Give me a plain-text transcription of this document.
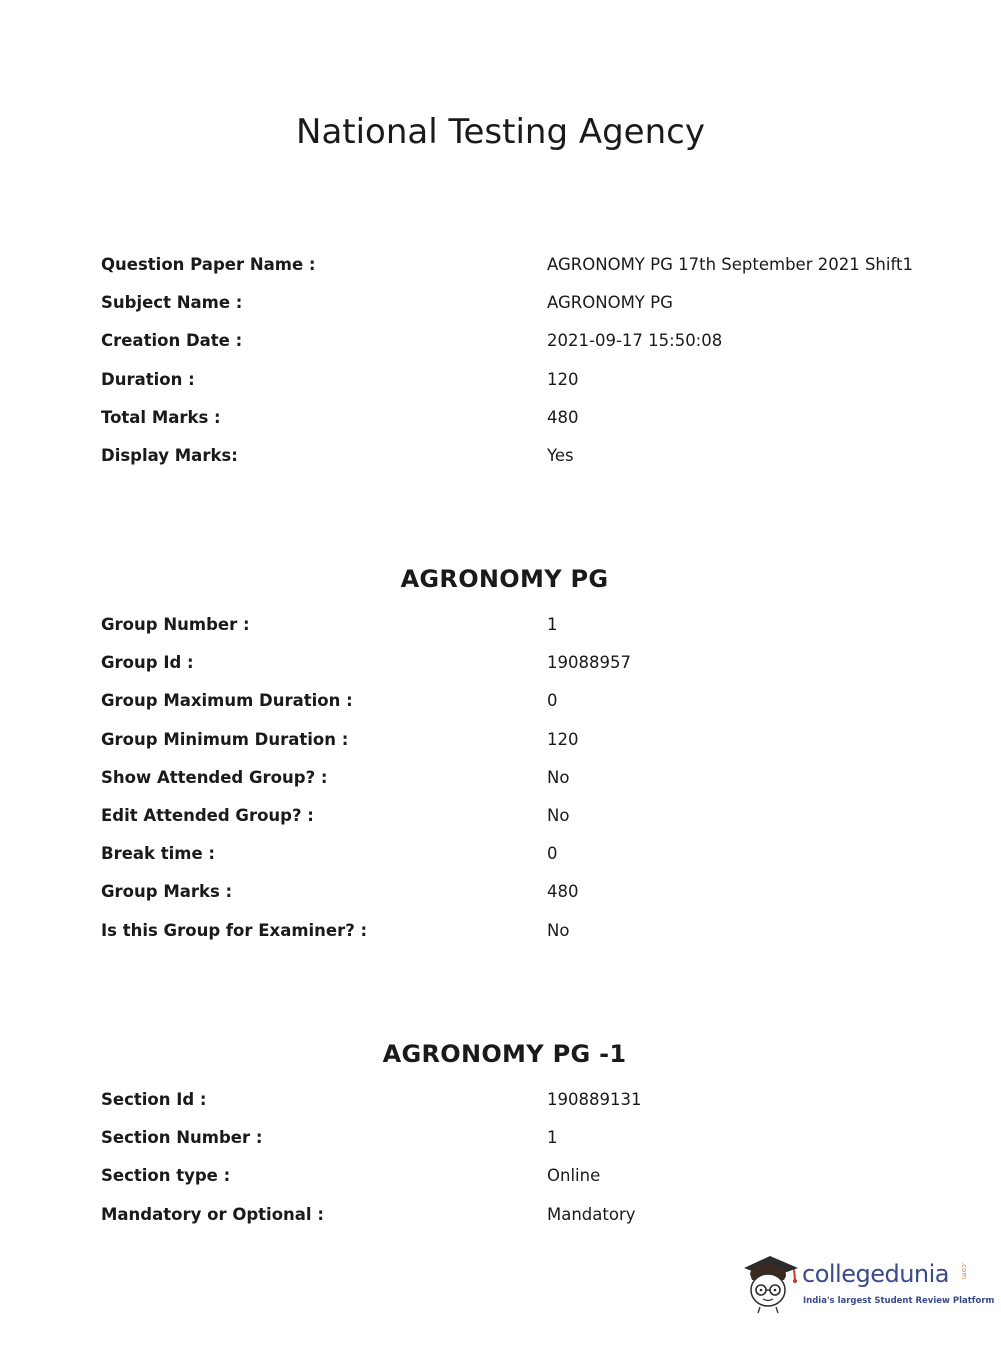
National Testing Agency
Question Paper Name :	AGRONOMY PG 17th September 2021 Shift1
Subject Name :	AGRONOMY PG
Creation Date :	2021-09-17 15:50:08
Duration :	120
Total Marks :	480
Display Marks:	Yes
AGRONOMY PG
Group Number :	1
Group Id :	19088957
Group Maximum Duration :	0
Group Minimum Duration :	120
Show Attended Group? :	No
Edit Attended Group? :	No
Break time :	0
Group Marks :	480
Is this Group for Examiner? :	No
AGRONOMY PG -1
Section Id :	190889131
Section Number :	1
Section type :	Online
Mandatory or Optional :	Mandatory
collegedunia .com
India's largest Student Review Platform
